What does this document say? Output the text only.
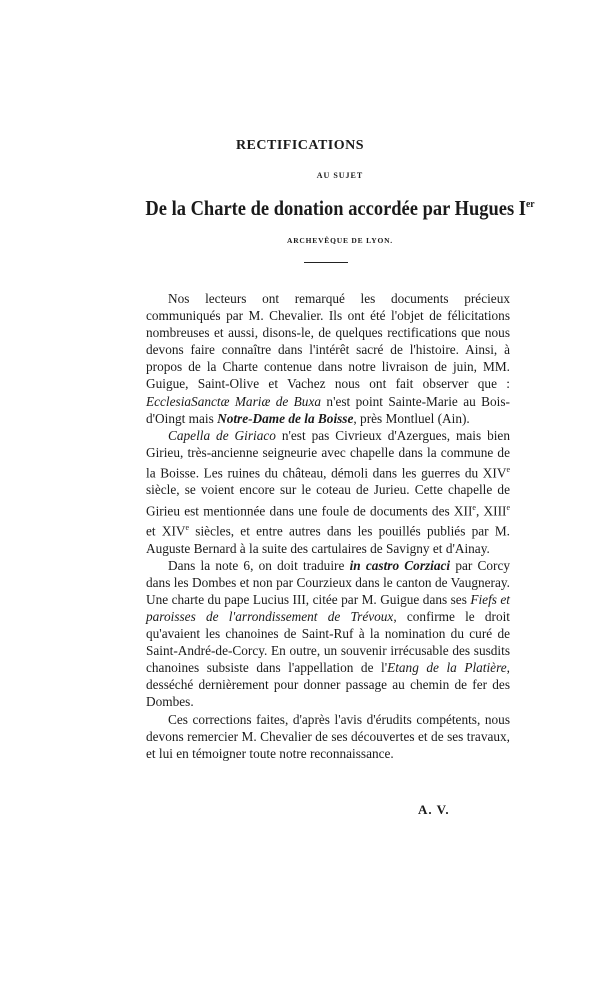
RECTIFICATIONS
AU SUJET
De la Charte de donation accordée par Hugues Ier
ARCHEVÊQUE DE LYON.

Nos lecteurs ont remarqué les documents précieux communiqués par M. Chevalier. Ils ont été l'objet de félicitations nombreuses et aussi, disons-le, de quelques rectifications que nous devons faire connaître dans l'intérêt sacré de l'histoire. Ainsi, à propos de la Charte contenue dans notre livraison de juin, MM. Guigue, Saint-Olive et Vachez nous ont fait observer que : EcclesiaSanctæ Mariæ de Buxa n'est point Sainte-Marie au Bois-d'Oingt mais Notre-Dame de la Boisse, près Montluel (Ain).

Capella de Giriaco n'est pas Civrieux d'Azergues, mais bien Girieu, très-ancienne seigneurie avec chapelle dans la commune de la Boisse. Les ruines du château, démoli dans les guerres du XIVe siècle, se voient encore sur le coteau de Jurieu. Cette chapelle de Girieu est mentionnée dans une foule de documents des XIIe, XIIIe et XIVe siècles, et entre autres dans les pouillés publiés par M. Auguste Bernard à la suite des cartulaires de Savigny et d'Ainay.

Dans la note 6, on doit traduire in castro Corziaci par Corcy dans les Dombes et non par Courzieux dans le canton de Vaugneray. Une charte du pape Lucius III, citée par M. Guigue dans ses Fiefs et paroisses de l'arrondissement de Trévoux, confirme le droit qu'avaient les chanoines de Saint-Ruf à la nomination du curé de Saint-André-de-Corcy. En outre, un souvenir irrécusable des susdits chanoines subsiste dans l'appellation de l'Etang de la Platière, desséché dernièrement pour donner passage au chemin de fer des Dombes.

Ces corrections faites, d'après l'avis d'érudits compétents, nous devons remercier M. Chevalier de ses découvertes et de ses travaux, et lui en témoigner toute notre reconnaissance.

A. V.
